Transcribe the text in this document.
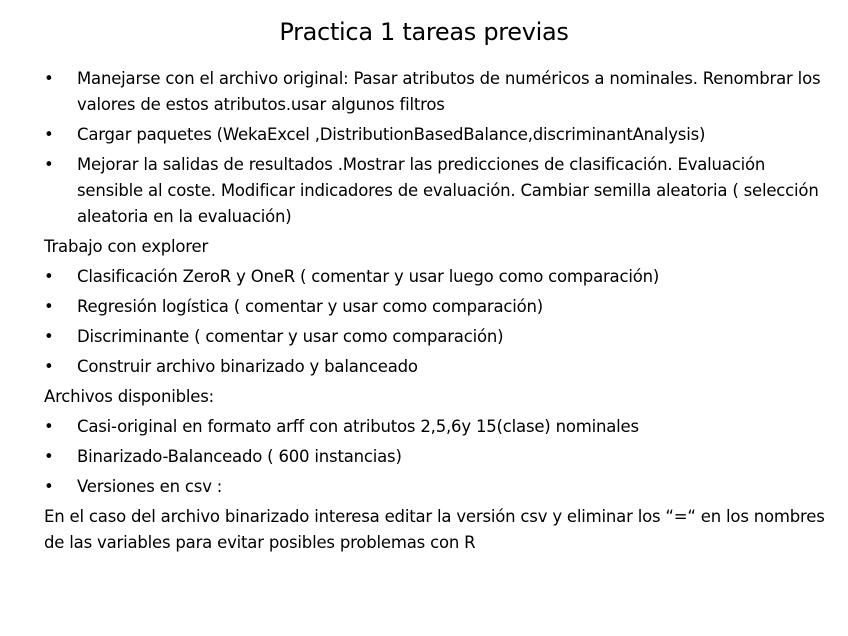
Practica 1 tareas previas
• Manejarse con el archivo original: Pasar atributos de numéricos a nominales. Renombrar los valores de estos atributos.usar algunos filtros
• Cargar paquetes (WekaExcel ,DistributionBasedBalance,discriminantAnalysis)
• Mejorar la salidas de resultados .Mostrar las predicciones de clasificación. Evaluación sensible al coste. Modificar indicadores de evaluación. Cambiar semilla aleatoria ( selección aleatoria en la evaluación)
Trabajo con explorer
• Clasificación ZeroR y OneR ( comentar y usar luego como comparación)
• Regresión logística ( comentar y usar como comparación)
• Discriminante ( comentar y usar como comparación)
• Construir archivo binarizado y balanceado
Archivos disponibles:
• Casi-original en formato arff con atributos 2,5,6y 15(clase) nominales
• Binarizado-Balanceado ( 600 instancias)
• Versiones en csv :
En el caso del archivo binarizado interesa editar la versión csv y eliminar los “=“ en los nombres de las variables para evitar posibles problemas con R
